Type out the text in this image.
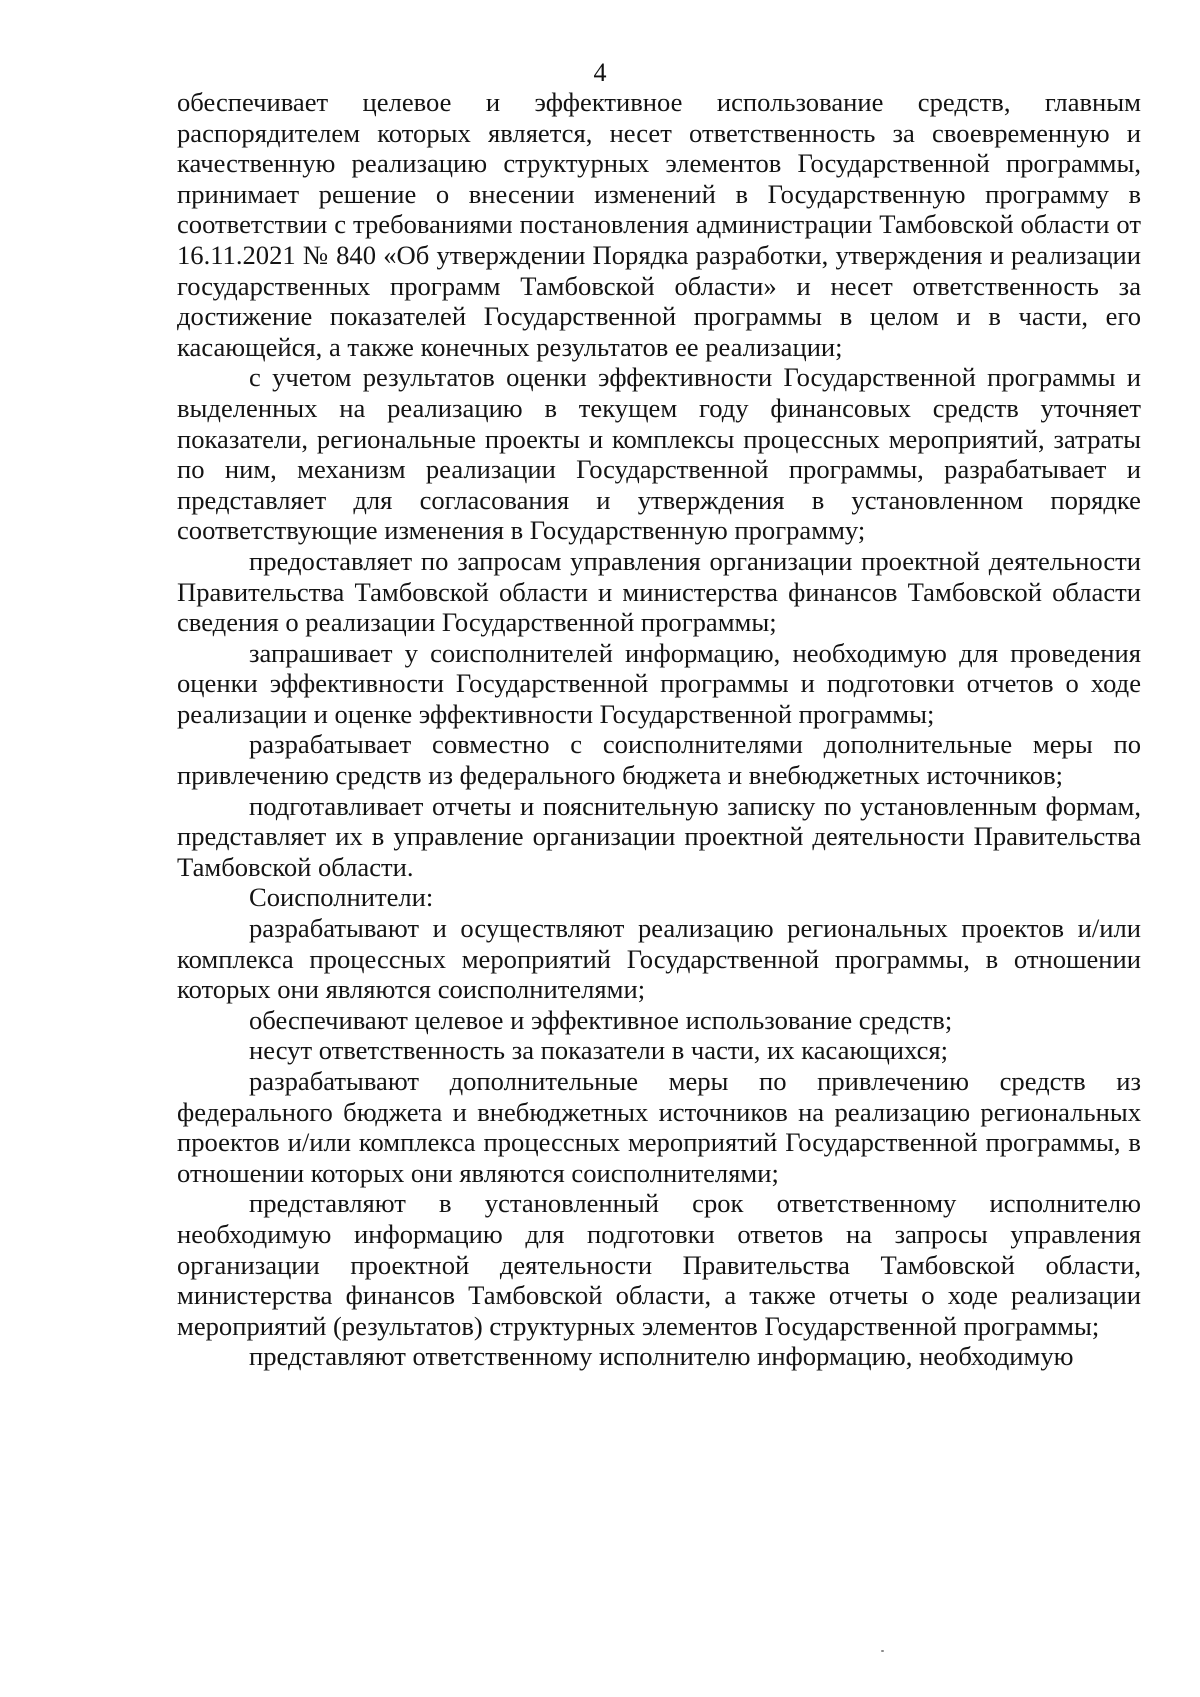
4

обеспечивает целевое и эффективное использование средств, главным распорядителем которых является, несет ответственность за своевременную и качественную реализацию структурных элементов Государственной программы, принимает решение о внесении изменений в Государственную программу в соответствии с требованиями постановления администрации Тамбовской области от 16.11.2021 № 840 «Об утверждении Порядка разработки, утверждения и реализации государственных программ Тамбовской области» и несет ответственность за достижение показателей Государственной программы в целом и в части, его касающейся, а также конечных результатов ее реализации;

с учетом результатов оценки эффективности Государственной программы и выделенных на реализацию в текущем году финансовых средств уточняет показатели, региональные проекты и комплексы процессных мероприятий, затраты по ним, механизм реализации Государственной программы, разрабатывает и представляет для согласования и утверждения в установленном порядке соответствующие изменения в Государственную программу;

предоставляет по запросам управления организации проектной деятельности Правительства Тамбовской области и министерства финансов Тамбовской области сведения о реализации Государственной программы;

запрашивает у соисполнителей информацию, необходимую для проведения оценки эффективности Государственной программы и подготовки отчетов о ходе реализации и оценке эффективности Государственной программы;

разрабатывает совместно с соисполнителями дополнительные меры по привлечению средств из федерального бюджета и внебюджетных источников;

подготавливает отчеты и пояснительную записку по установленным формам, представляет их в управление организации проектной деятельности Правительства Тамбовской области.

Соисполнители:

разрабатывают и осуществляют реализацию региональных проектов и/или комплекса процессных мероприятий Государственной программы, в отношении которых они являются соисполнителями;

обеспечивают целевое и эффективное использование средств;

несут ответственность за показатели в части, их касающихся;

разрабатывают дополнительные меры по привлечению средств из федерального бюджета и внебюджетных источников на реализацию региональных проектов и/или комплекса процессных мероприятий Государственной программы, в отношении которых они являются соисполнителями;

представляют в установленный срок ответственному исполнителю необходимую информацию для подготовки ответов на запросы управления организации проектной деятельности Правительства Тамбовской области, министерства финансов Тамбовской области, а также отчеты о ходе реализации мероприятий (результатов) структурных элементов Государственной программы;

представляют ответственному исполнителю информацию, необходимую
